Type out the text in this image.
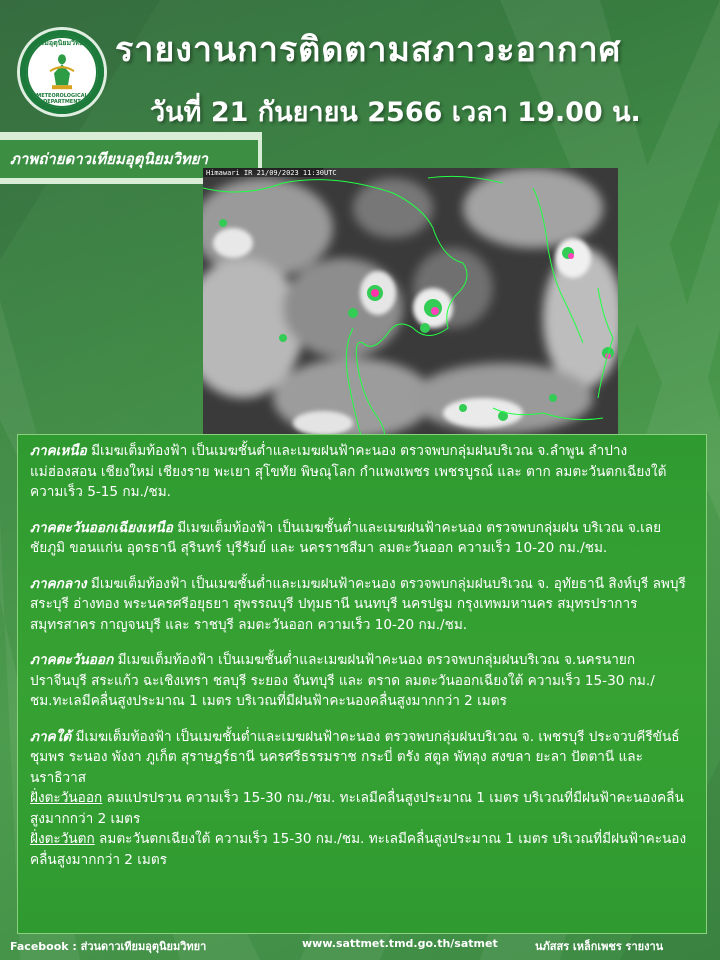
กรมอุตุนิยมวิทยา
METEOROLOGICAL DEPARTMENT
รายงานการติดตามสภาวะอากาศ
วันที่ 21 กันยายน 2566 เวลา 19.00 น.
ภาพถ่ายดาวเทียมอุตุนิยมวิทยา
Himawari IR 21/09/2023 11:30UTC

ภาคเหนือ มีเมฆเต็มท้องฟ้า เป็นเมฆชั้นต่ำและเมฆฝนฟ้าคะนอง ตรวจพบกลุ่มฝนบริเวณ จ.ลำพูน ลำปาง แม่ฮ่องสอน เชียงใหม่ เชียงราย พะเยา สุโขทัย พิษณุโลก กำแพงเพชร เพชรบูรณ์ และ ตาก ลมตะวันตกเฉียงใต้ ความเร็ว 5-15 กม./ชม.

ภาคตะวันออกเฉียงเหนือ มีเมฆเต็มท้องฟ้า เป็นเมฆชั้นต่ำและเมฆฝนฟ้าคะนอง ตรวจพบกลุ่มฝน บริเวณ จ.เลย ชัยภูมิ ขอนแก่น อุดรธานี สุรินทร์ บุรีรัมย์ และ นครราชสีมา ลมตะวันออก ความเร็ว 10-20 กม./ชม.

ภาคกลาง มีเมฆเต็มท้องฟ้า เป็นเมฆชั้นต่ำและเมฆฝนฟ้าคะนอง ตรวจพบกลุ่มฝนบริเวณ จ. อุทัยธานี สิงห์บุรี ลพบุรี สระบุรี อ่างทอง พระนครศรีอยุธยา สุพรรณบุรี ปทุมธานี นนทบุรี นครปฐม กรุงเทพมหานคร สมุทรปราการ สมุทรสาคร กาญจนบุรี และ ราชบุรี ลมตะวันออก ความเร็ว 10-20 กม./ชม.

ภาคตะวันออก มีเมฆเต็มท้องฟ้า เป็นเมฆชั้นต่ำและเมฆฝนฟ้าคะนอง ตรวจพบกลุ่มฝนบริเวณ จ.นครนายก ปราจีนบุรี สระแก้ว ฉะเชิงเทรา ชลบุรี ระยอง จันทบุรี และ ตราด ลมตะวันออกเฉียงใต้ ความเร็ว 15-30 กม./ชม.ทะเลมีคลื่นสูงประมาณ 1 เมตร บริเวณที่มีฝนฟ้าคะนองคลื่นสูงมากกว่า 2 เมตร

ภาคใต้ มีเมฆเต็มท้องฟ้า เป็นเมฆชั้นต่ำและเมฆฝนฟ้าคะนอง ตรวจพบกลุ่มฝนบริเวณ จ. เพชรบุรี ประจวบคีรีขันธ์ ชุมพร ระนอง พังงา ภูเก็ต สุราษฎร์ธานี นครศรีธรรมราช กระบี่ ตรัง สตูล พัทลุง สงขลา ยะลา ปัตตานี และ นราธิวาส
ฝั่งตะวันออก ลมแปรปรวน ความเร็ว 15-30 กม./ชม. ทะเลมีคลื่นสูงประมาณ 1 เมตร บริเวณที่มีฝนฟ้าคะนองคลื่นสูงมากกว่า 2 เมตร
ฝั่งตะวันตก ลมตะวันตกเฉียงใต้ ความเร็ว 15-30 กม./ชม. ทะเลมีคลื่นสูงประมาณ 1 เมตร บริเวณที่มีฝนฟ้าคะนองคลื่นสูงมากกว่า 2 เมตร

Facebook : ส่วนดาวเทียมอุตุนิยมวิทยา	www.sattmet.tmd.go.th/satmet	นภัสสร เหล็กเพชร รายงาน
